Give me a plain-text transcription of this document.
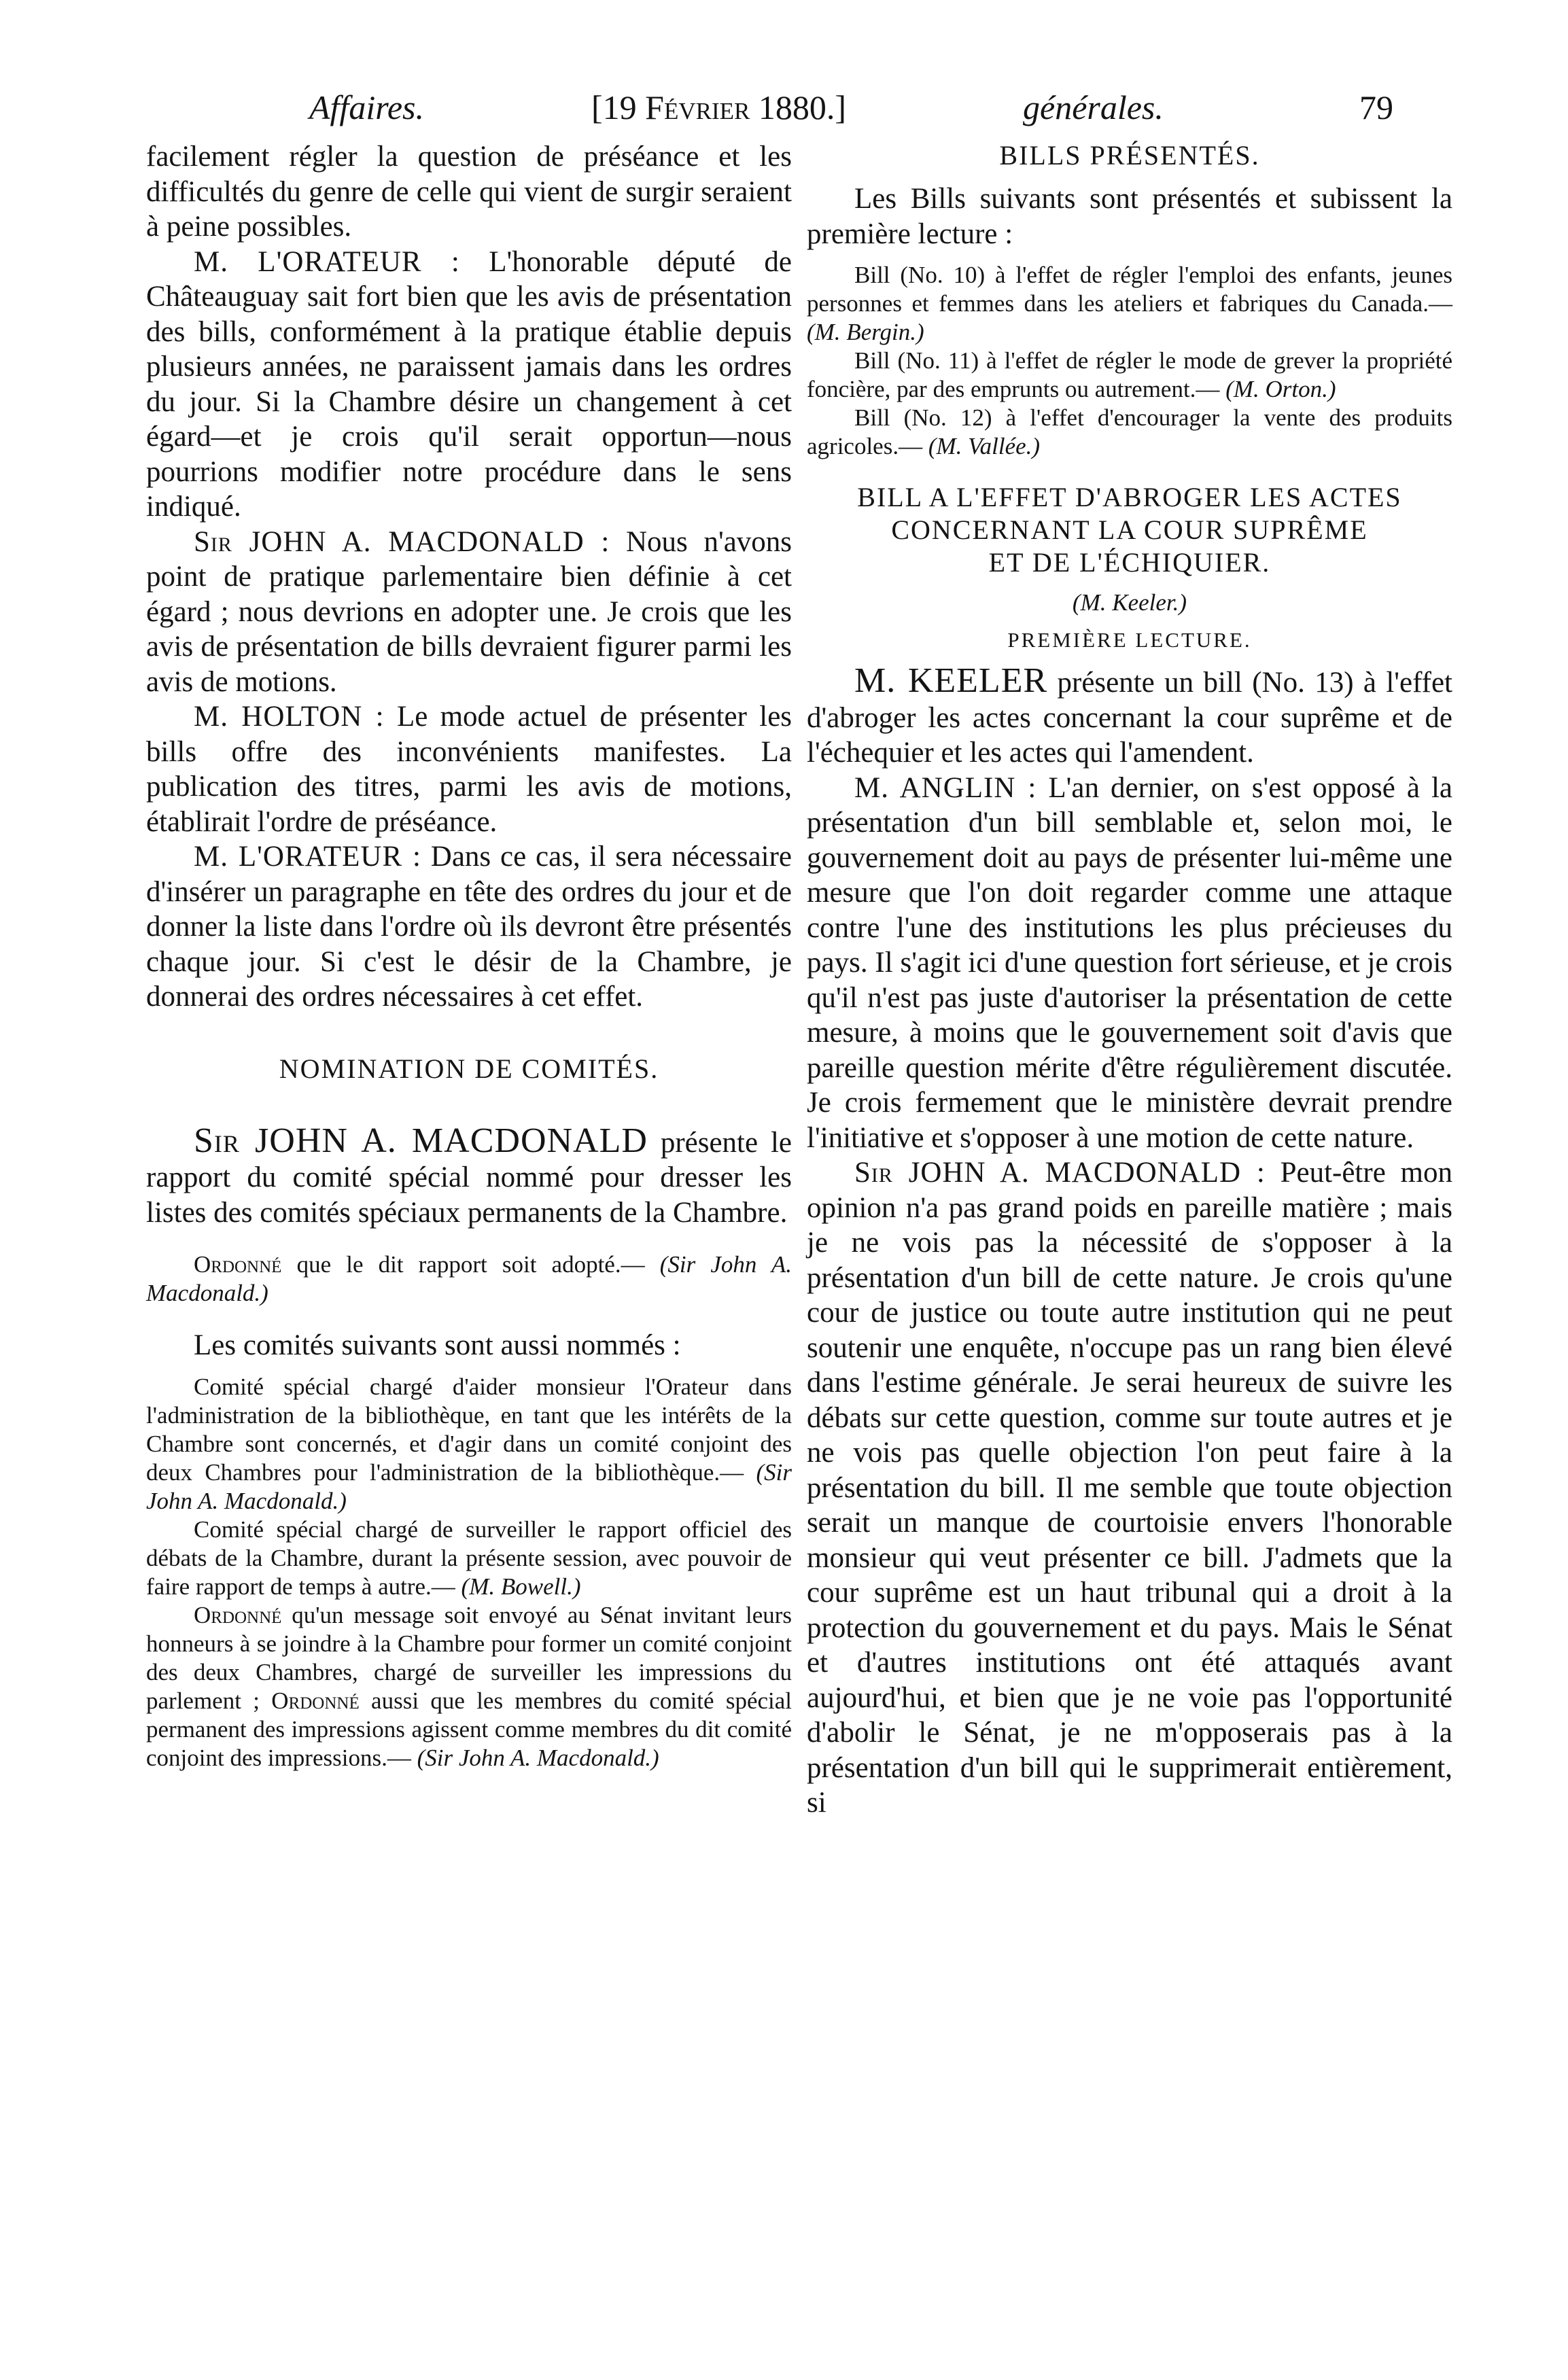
Affaires.	[19 Février 1880.]	générales.	79

facilement régler la question de préséance et les difficultés du genre de celle qui vient de surgir seraient à peine possibles.

M. L'ORATEUR : L'honorable député de Châteauguay sait fort bien que les avis de présentation des bills, conformément à la pratique établie depuis plusieurs années, ne paraissent jamais dans les ordres du jour. Si la Chambre désire un changement à cet égard—et je crois qu'il serait opportun—nous pourrions modifier notre procédure dans le sens indiqué.

Sir JOHN A. MACDONALD : Nous n'avons point de pratique parlementaire bien définie à cet égard ; nous devrions en adopter une. Je crois que les avis de présentation de bills devraient figurer parmi les avis de motions.

M. HOLTON : Le mode actuel de présenter les bills offre des inconvénients manifestes. La publication des titres, parmi les avis de motions, établirait l'ordre de préséance.

M. L'ORATEUR : Dans ce cas, il sera nécessaire d'insérer un paragraphe en tête des ordres du jour et de donner la liste dans l'ordre où ils devront être présentés chaque jour. Si c'est le désir de la Chambre, je donnerai des ordres nécessaires à cet effet.

NOMINATION DE COMITÉS.

Sir JOHN A. MACDONALD présente le rapport du comité spécial nommé pour dresser les listes des comités spéciaux permanents de la Chambre.

Ordonné que le dit rapport soit adopté.— (Sir John A. Macdonald.)

Les comités suivants sont aussi nommés :

Comité spécial chargé d'aider monsieur l'Orateur dans l'administration de la bibliothèque, en tant que les intérêts de la Chambre sont concernés, et d'agir dans un comité conjoint des deux Chambres pour l'administration de la bibliothèque.— (Sir John A. Macdonald.)

Comité spécial chargé de surveiller le rapport officiel des débats de la Chambre, durant la présente session, avec pouvoir de faire rapport de temps à autre.— (M. Bowell.)

Ordonné qu'un message soit envoyé au Sénat invitant leurs honneurs à se joindre à la Chambre pour former un comité conjoint des deux Chambres, chargé de surveiller les impressions du parlement ; Ordonné aussi que les membres du comité spécial permanent des impressions agissent comme membres du dit comité conjoint des impressions.— (Sir John A. Macdonald.)

BILLS PRÉSENTÉS.

Les Bills suivants sont présentés et subissent la première lecture :

Bill (No. 10) à l'effet de régler l'emploi des enfants, jeunes personnes et femmes dans les ateliers et fabriques du Canada.— (M. Bergin.)

Bill (No. 11) à l'effet de régler le mode de grever la propriété foncière, par des emprunts ou autrement.— (M. Orton.)

Bill (No. 12) à l'effet d'encourager la vente des produits agricoles.— (M. Vallée.)

BILL A L'EFFET D'ABROGER LES ACTES

CONCERNANT LA COUR SUPRÊME

ET DE L'ÉCHIQUIER.

(M. Keeler.)

PREMIÈRE LECTURE.

M. KEELER présente un bill (No. 13) à l'effet d'abroger les actes concernant la cour suprême et de l'échequier et les actes qui l'amendent.

M. ANGLIN : L'an dernier, on s'est opposé à la présentation d'un bill semblable et, selon moi, le gouvernement doit au pays de présenter lui-même une mesure que l'on doit regarder comme une attaque contre l'une des institutions les plus précieuses du pays. Il s'agit ici d'une question fort sérieuse, et je crois qu'il n'est pas juste d'autoriser la présentation de cette mesure, à moins que le gouvernement soit d'avis que pareille question mérite d'être régulièrement discutée. Je crois fermement que le ministère devrait prendre l'initiative et s'opposer à une motion de cette nature.

Sir JOHN A. MACDONALD : Peut-être mon opinion n'a pas grand poids en pareille matière ; mais je ne vois pas la nécessité de s'opposer à la présentation d'un bill de cette nature. Je crois qu'une cour de justice ou toute autre institution qui ne peut soutenir une enquête, n'occupe pas un rang bien élevé dans l'estime générale. Je serai heureux de suivre les débats sur cette question, comme sur toute autres et je ne vois pas quelle objection l'on peut faire à la présentation du bill. Il me semble que toute objection serait un manque de courtoisie envers l'honorable monsieur qui veut présenter ce bill. J'admets que la cour suprême est un haut tribunal qui a droit à la protection du gouvernement et du pays. Mais le Sénat et d'autres institutions ont été attaqués avant aujourd'hui, et bien que je ne voie pas l'opportunité d'abolir le Sénat, je ne m'opposerais pas à la présentation d'un bill qui le supprimerait entièrement, si
